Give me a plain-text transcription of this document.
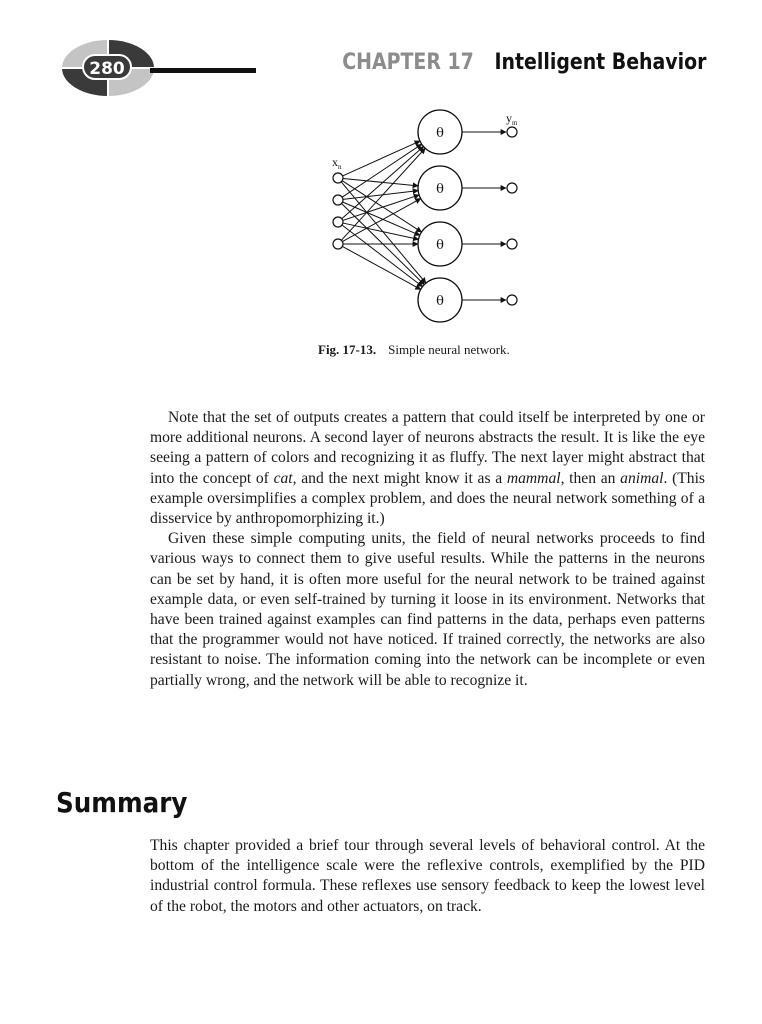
280	CHAPTER 17 Intelligent Behavior
$x_n$
$y_m$
θ
θ
θ
θ
Fig. 17-13. Simple neural network.

Note that the set of outputs creates a pattern that could itself be interpreted by one or more additional neurons. A second layer of neurons abstracts the result. It is like the eye seeing a pattern of colors and recognizing it as fluffy. The next layer might abstract that into the concept of cat, and the next might know it as a mammal, then an animal. (This example oversimplifies a complex problem, and does the neural network something of a disservice by anthropomorphizing it.)

Given these simple computing units, the field of neural networks proceeds to find various ways to connect them to give useful results. While the patterns in the neurons can be set by hand, it is often more useful for the neural network to be trained against example data, or even self-trained by turning it loose in its environment. Networks that have been trained against examples can find patterns in the data, perhaps even patterns that the programmer would not have noticed. If trained correctly, the networks are also resistant to noise. The information coming into the network can be incomplete or even partially wrong, and the network will be able to recognize it.

Summary

This chapter provided a brief tour through several levels of behavioral control. At the bottom of the intelligence scale were the reflexive controls, exemplified by the PID industrial control formula. These reflexes use sensory feedback to keep the lowest level of the robot, the motors and other actuators, on track.
